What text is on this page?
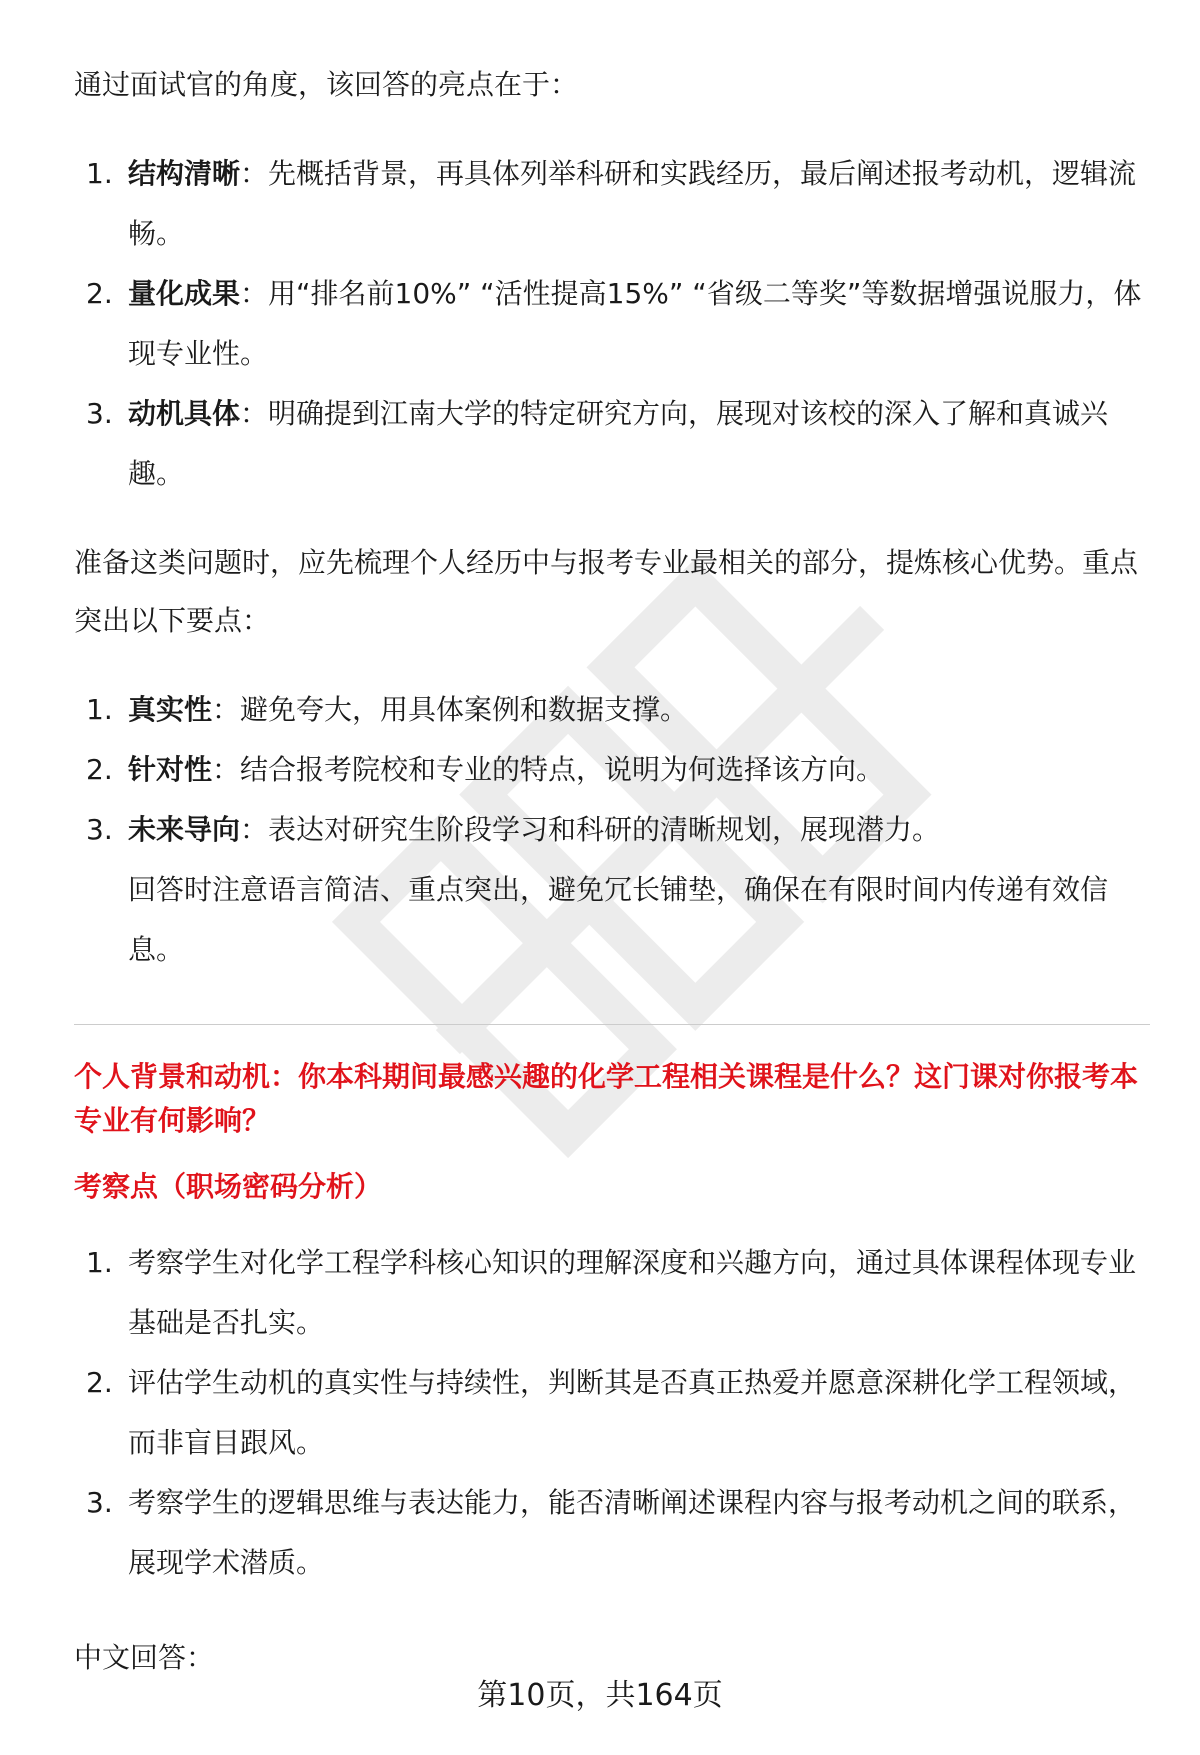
通过面试官的角度，该回答的亮点在于：

1. 结构清晰：先概括背景，再具体列举科研和实践经历，最后阐述报考动机，逻辑流畅。
2. 量化成果：用“排名前10%” “活性提高15%” “省级二等奖”等数据增强说服力，体现专业性。
3. 动机具体：明确提到江南大学的特定研究方向，展现对该校的深入了解和真诚兴趣。

准备这类问题时，应先梳理个人经历中与报考专业最相关的部分，提炼核心优势。重点突出以下要点：

1. 真实性：避免夸大，用具体案例和数据支撑。
2. 针对性：结合报考院校和专业的特点，说明为何选择该方向。
3. 未来导向：表达对研究生阶段学习和科研的清晰规划，展现潜力。
回答时注意语言简洁、重点突出，避免冗长铺垫，确保在有限时间内传递有效信息。

个人背景和动机：你本科期间最感兴趣的化学工程相关课程是什么？这门课对你报考本专业有何影响？

考察点（职场密码分析）

1. 考察学生对化学工程学科核心知识的理解深度和兴趣方向，通过具体课程体现专业基础是否扎实。
2. 评估学生动机的真实性与持续性，判断其是否真正热爱并愿意深耕化学工程领域，而非盲目跟风。
3. 考察学生的逻辑思维与表达能力，能否清晰阐述课程内容与报考动机之间的联系，展现学术潜质。

中文回答：

第10页，共164页
